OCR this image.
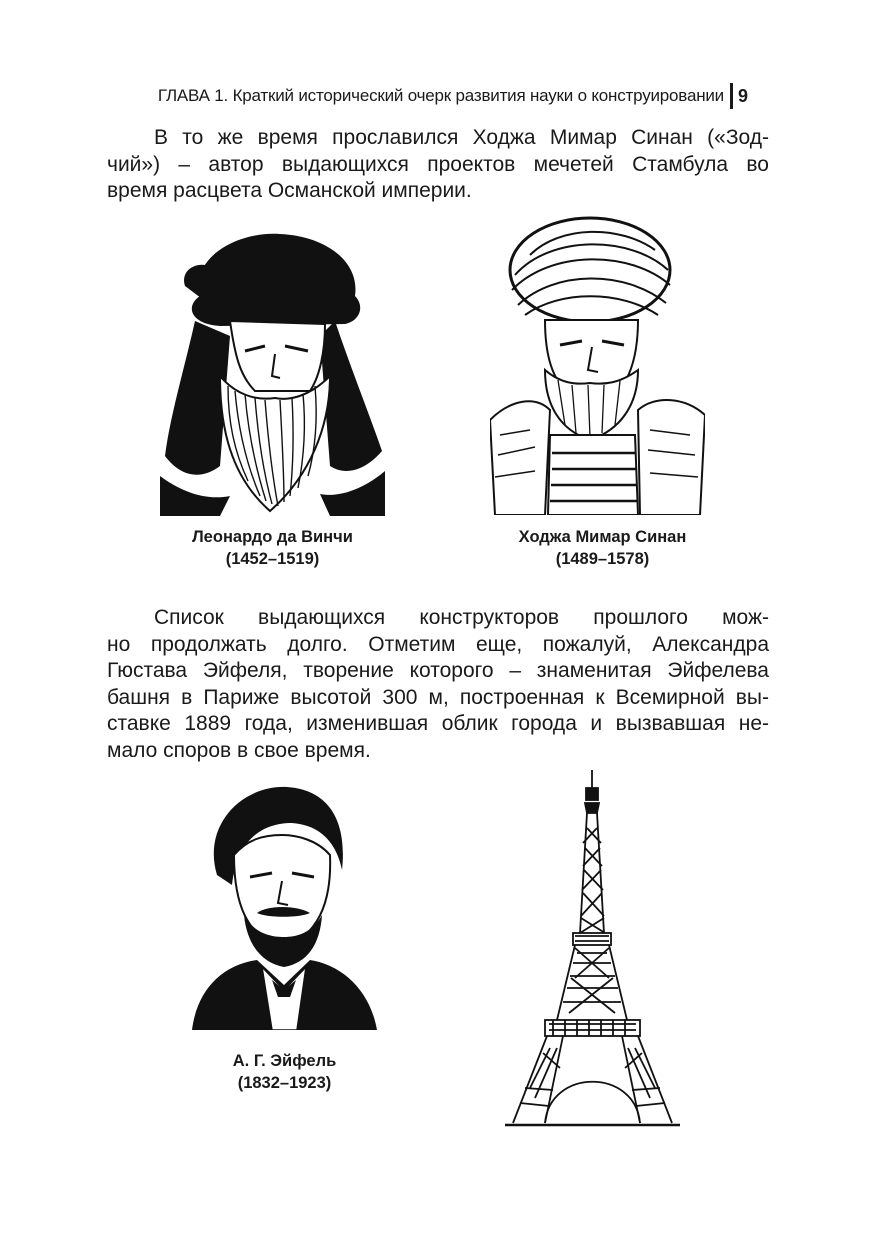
ГЛАВА 1. Краткий исторический очерк развития науки о конструировании 9
В то же время прославился Ходжа Мимар Синан («Зод-
чий») – автор выдающихся проектов мечетей Стамбула во
время расцвета Османской империи.
Леонардо да Винчи
(1452–1519)
Ходжа Мимар Синан
(1489–1578)
Список выдающихся конструкторов прошлого мож-
но продолжать долго. Отметим еще, пожалуй, Александра
Гюстава Эйфеля, творение которого – знаменитая Эйфелева
башня в Париже высотой 300 м, построенная к Всемирной вы-
ставке 1889 года, изменившая облик города и вызвавшая не-
мало споров в свое время.
А. Г. Эйфель
(1832–1923)
